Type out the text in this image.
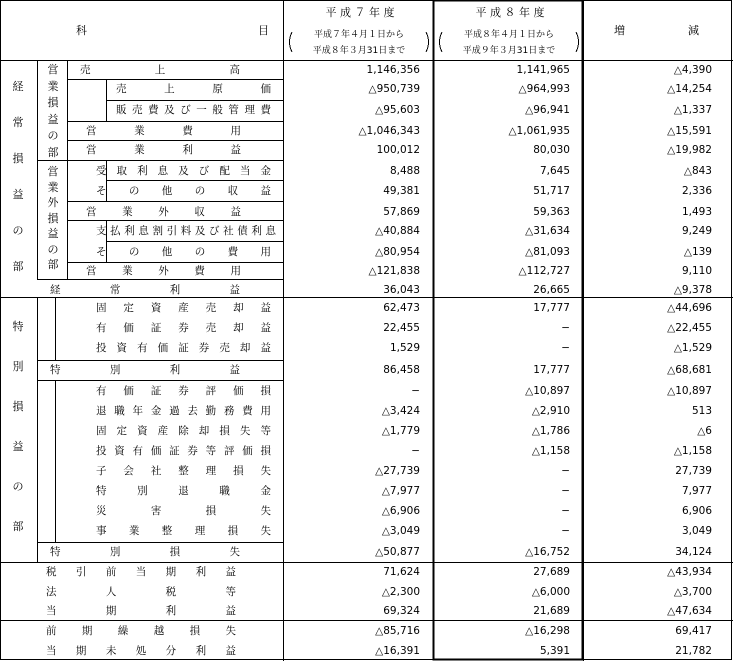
科	目
平 成 ７ 年 度
平成７年４月１日から
平成８年３月31日まで
平 成 ８ 年 度
平成８年４月１日から
平成９年３月31日まで
増	減
経
常
損
益
の
部
営
業
損
益
の
部
営
業
外
損
益
の
部
特
別
損
益
の
部
売上高	1,146,356	1,141,965	△4,390
売上原価	△950,739	△964,993	△14,254
販売費及び一般管理費	△95,603	△96,941	△1,337
営業費用	△1,046,343	△1,061,935	△15,591
営業利益	100,012	80,030	△19,982
受取利息及び配当金	8,488	7,645	△843
その他の収益	49,381	51,717	2,336
営業外収益	57,869	59,363	1,493
支払利息割引料及び社債利息	△40,884	△31,634	9,249
その他の費用	△80,954	△81,093	△139
営業外費用	△121,838	△112,727	9,110
経常利益	36,043	26,665	△9,378
固定資産売却益	62,473	17,777	△44,696
有価証券売却益	22,455	−	△22,455
投資有価証券売却益	1,529	−	△1,529
特別利益	86,458	17,777	△68,681
有価証券評価損	−	△10,897	△10,897
退職年金過去勤務費用	△3,424	△2,910	513
固定資産除却損失等	△1,779	△1,786	△6
投資有価証券等評価損	−	△1,158	△1,158
子会社整理損失	△27,739	−	27,739
特別退職金	△7,977	−	7,977
災害損失	△6,906	−	6,906
事業整理損失	△3,049	−	3,049
特別損失	△50,877	△16,752	34,124
税引前当期利益	71,624	27,689	△43,934
法人税等	△2,300	△6,000	△3,700
当期利益	69,324	21,689	△47,634
前期繰越損失	△85,716	△16,298	69,417
当期未処分利益	△16,391	5,391	21,782
